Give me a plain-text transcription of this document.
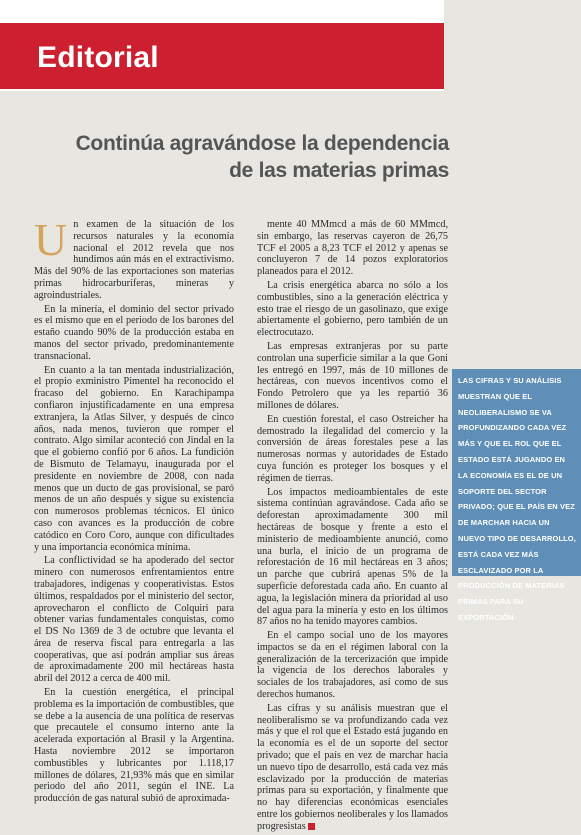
Editorial
Continúa agravándose la dependencia de las materias primas

Un examen de la situación de los recursos naturales y la economía nacional el 2012 revela que nos hundimos aún más en el extractivismo. Más del 90% de las exportaciones son materias primas hidrocarburíferas, mineras y agroindustriales.

En la minería, el dominio del sector privado es el mismo que en el periodo de los barones del estaño cuando 90% de la producción estaba en manos del sector privado, predominantemente transnacional.

En cuanto a la tan mentada industrialización, el propio exministro Pimentel ha reconocido el fracaso del gobierno. En Karachipampa confiaron injustificadamente en una empresa extranjera, la Atlas Silver, y después de cinco años, nada menos, tuvieron que romper el contrato. Algo similar aconteció con Jindal en la que el gobierno confió por 6 años. La fundición de Bismuto de Telamayu, inaugurada por el presidente en noviembre de 2008, con nada menos que un ducto de gas provisional, se paró menos de un año después y sigue su existencia con numerosos problemas técnicos. El único caso con avances es la producción de cobre catódico en Coro Coro, aunque con dificultades y una importancia económica mínima.

La conflictividad se ha apoderado del sector minero con numerosos enfrentamientos entre trabajadores, indígenas y cooperativistas. Estos últimos, respaldados por el ministerio del sector, aprovecharon el conflicto de Colquiri para obtener varias fundamentales conquistas, como el DS No 1369 de 3 de octubre que levanta el área de reserva fiscal para entregarla a las cooperativas, que así podrán ampliar sus áreas de aproximadamente 200 mil hectáreas hasta abril del 2012 a cerca de 400 mil.

En la cuestión energética, el principal problema es la importación de combustibles, que se debe a la ausencia de una política de reservas que precautele el consumo interno ante la acelerada exportación al Brasil y la Argentina. Hasta noviembre 2012 se importaron combustibles y lubricantes por 1.118,17 millones de dólares, 21,93% más que en similar periodo del año 2011, según el INE. La producción de gas natural subió de aproximada-

mente 40 MMmcd a más de 60 MMmcd, sin embargo, las reservas cayeron de 26,75 TCF el 2005 a 8,23 TCF el 2012 y apenas se concluyeron 7 de 14 pozos exploratorios planeados para el 2012.

La crisis energética abarca no sólo a los combustibles, sino a la generación eléctrica y esto trae el riesgo de un gasolinazo, que exige abiertamente el gobierno, pero también de un electrocutazo.

Las empresas extranjeras por su parte controlan una superficie similar a la que Goni les entregó en 1997, más de 10 millones de hectáreas, con nuevos incentivos como el Fondo Petrolero que ya les repartió 36 millones de dólares.

En cuestión forestal, el caso Ostreicher ha demostrado la ilegalidad del comercio y la conversión de áreas forestales pese a las numerosas normas y autoridades de Estado cuya función es proteger los bosques y el régimen de tierras.

Los impactos medioambientales de este sistema continúan agravándose. Cada año se deforestan aproximadamente 300 mil hectáreas de bosque y frente a esto el ministerio de medioambiente anunció, como una burla, el inicio de un programa de reforestación de 16 mil hectáreas en 3 años; un parche que cubrirá apenas 5% de la superficie deforestada cada año. En cuanto al agua, la legislación minera da prioridad al uso del agua para la minería y esto en los últimos 87 años no ha tenido mayores cambios.

En el campo social uno de los mayores impactos se da en el régimen laboral con la generalización de la tercerización que impide la vigencia de los derechos laborales y sociales de los trabajadores, así como de sus derechos humanos.

Las cifras y su análisis muestran que el neoliberalismo se va profundizando cada vez más y que el rol que el Estado está jugando en la economía es el de un soporte del sector privado; que el país en vez de marchar hacia un nuevo tipo de desarrollo, está cada vez más esclavizado por la producción de materias primas para su exportación, y finalmente que no hay diferencias económicas esenciales entre los gobiernos neoliberales y los llamados progresistas

LAS CIFRAS Y SU ANÁLISIS MUESTRAN QUE EL NEOLIBERALISMO SE VA PROFUNDIZANDO CADA VEZ MÁS Y QUE EL ROL QUE EL ESTADO ESTÁ JUGANDO EN LA ECONOMÍA ES EL DE UN SOPORTE DEL SECTOR PRIVADO; QUE EL PAÍS EN VEZ DE MARCHAR HACIA UN NUEVO TIPO DE DESARROLLO, ESTÁ CADA VEZ MÁS ESCLAVIZADO POR LA PRODUCCIÓN DE MATERIAS PRIMAS PARA SU EXPORTACIÓN.
